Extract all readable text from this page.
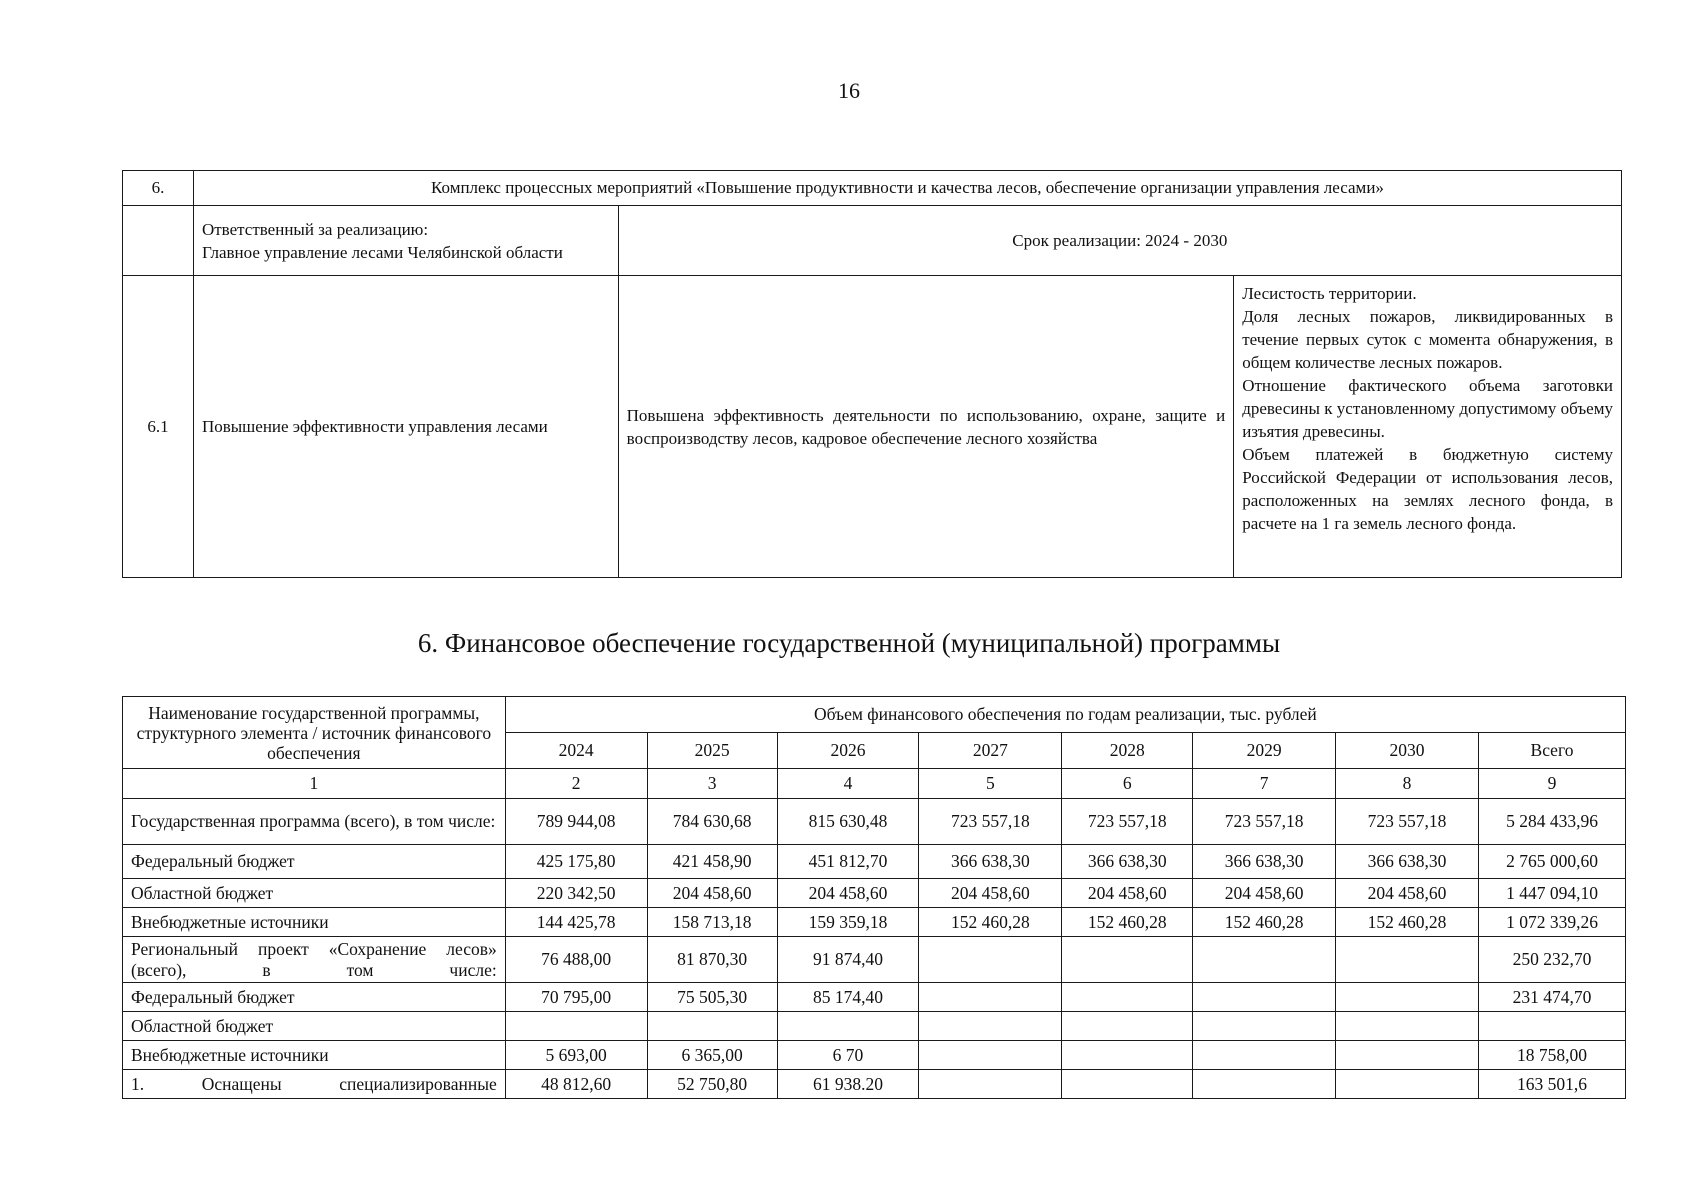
16
6.	Комплекс процессных мероприятий «Повышение продуктивности и качества лесов, обеспечение организации управления лесами»		

	Ответственный за реализацию:
Главное управление лесами Челябинской области	Срок реализации: 2024 - 2030	
6.1	Повышение эффективности управления лесами	Повышена эффективность деятельности по использованию, охране, защите и воспроизводству лесов, кадровое обеспечение лесного хозяйства	Лесистость территории.
Доля лесных пожаров, ликвидированных в течение первых суток с момента обнаружения, в общем количестве лесных пожаров.
Отношение фактического объема заготовки древесины к установленному допустимому объему изъятия древесины.
Объем платежей в бюджетную систему Российской Федерации от использования лесов, расположенных на землях лесного фонда, в расчете на 1 га земель лесного фонда.
6. Финансовое обеспечение государственной (муниципальной) программы
Наименование государственной программы, структурного элемента / источник финансового обеспечения	Объем финансового обеспечения по годам реализации, тыс. рублей							
	2024	2025	2026	2027	2028	2029	2030	Всего
1	2	3	4	5	6	7	8	9
Государственная программа (всего), в том числе:	789 944,08	784 630,68	815 630,48	723 557,18	723 557,18	723 557,18	723 557,18	5 284 433,96
Федеральный бюджет	425 175,80	421 458,90	451 812,70	366 638,30	366 638,30	366 638,30	366 638,30	2 765 000,60
Областной бюджет	220 342,50	204 458,60	204 458,60	204 458,60	204 458,60	204 458,60	204 458,60	1 447 094,10
Внебюджетные источники	144 425,78	158 713,18	159 359,18	152 460,28	152 460,28	152 460,28	152 460,28	1 072 339,26
Региональный проект «Сохранение лесов» (всего), в том числе:	76 488,00	81 870,30	91 874,40					250 232,70
Федеральный бюджет	70 795,00	75 505,30	85 174,40					231 474,70
Областной бюджет								
Внебюджетные источники	5 693,00	6 365,00	6 70					18 758,00
1. Оснащены специализированные	48 812,60	52 750,80	61 938.20					163 501,6
